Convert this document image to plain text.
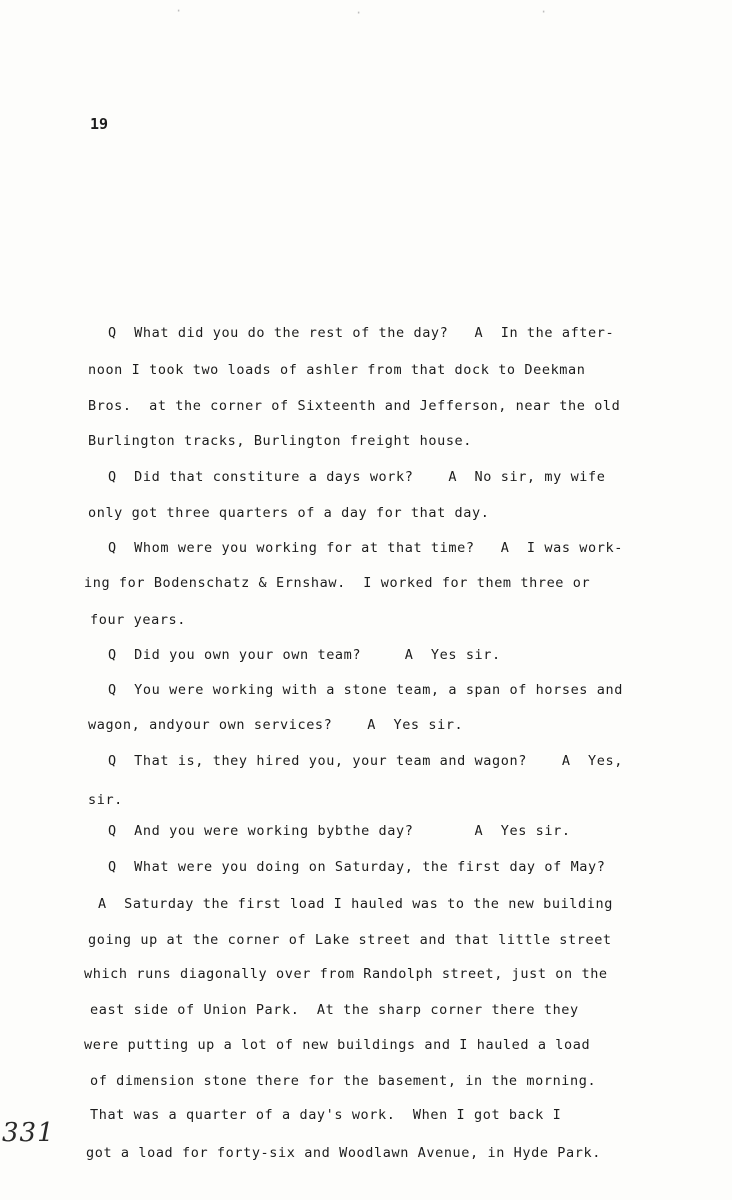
·	·	·
19
Q  What did you do the rest of the day?   A  In the after-
noon I took two loads of ashler from that dock to Deekman
Bros.  at the corner of Sixteenth and Jefferson, near the old
Burlington tracks, Burlington freight house.
Q  Did that constiture a days work?    A  No sir, my wife
only got three quarters of a day for that day.
Q  Whom were you working for at that time?   A  I was work-
ing for Bodenschatz & Ernshaw.  I worked for them three or
four years.
Q  Did you own your own team?     A  Yes sir.
Q  You were working with a stone team, a span of horses and
wagon, andyour own services?    A  Yes sir.
Q  That is, they hired you, your team and wagon?    A  Yes,
sir.
Q  And you were working bybthe day?       A  Yes sir.
Q  What were you doing on Saturday, the first day of May?
A  Saturday the first load I hauled was to the new building
going up at the corner of Lake street and that little street
which runs diagonally over from Randolph street, just on the
east side of Union Park.  At the sharp corner there they
were putting up a lot of new buildings and I hauled a load
of dimension stone there for the basement, in the morning.
That was a quarter of a day's work.  When I got back I
got a load for forty-six and Woodlawn Avenue, in Hyde Park.
331
